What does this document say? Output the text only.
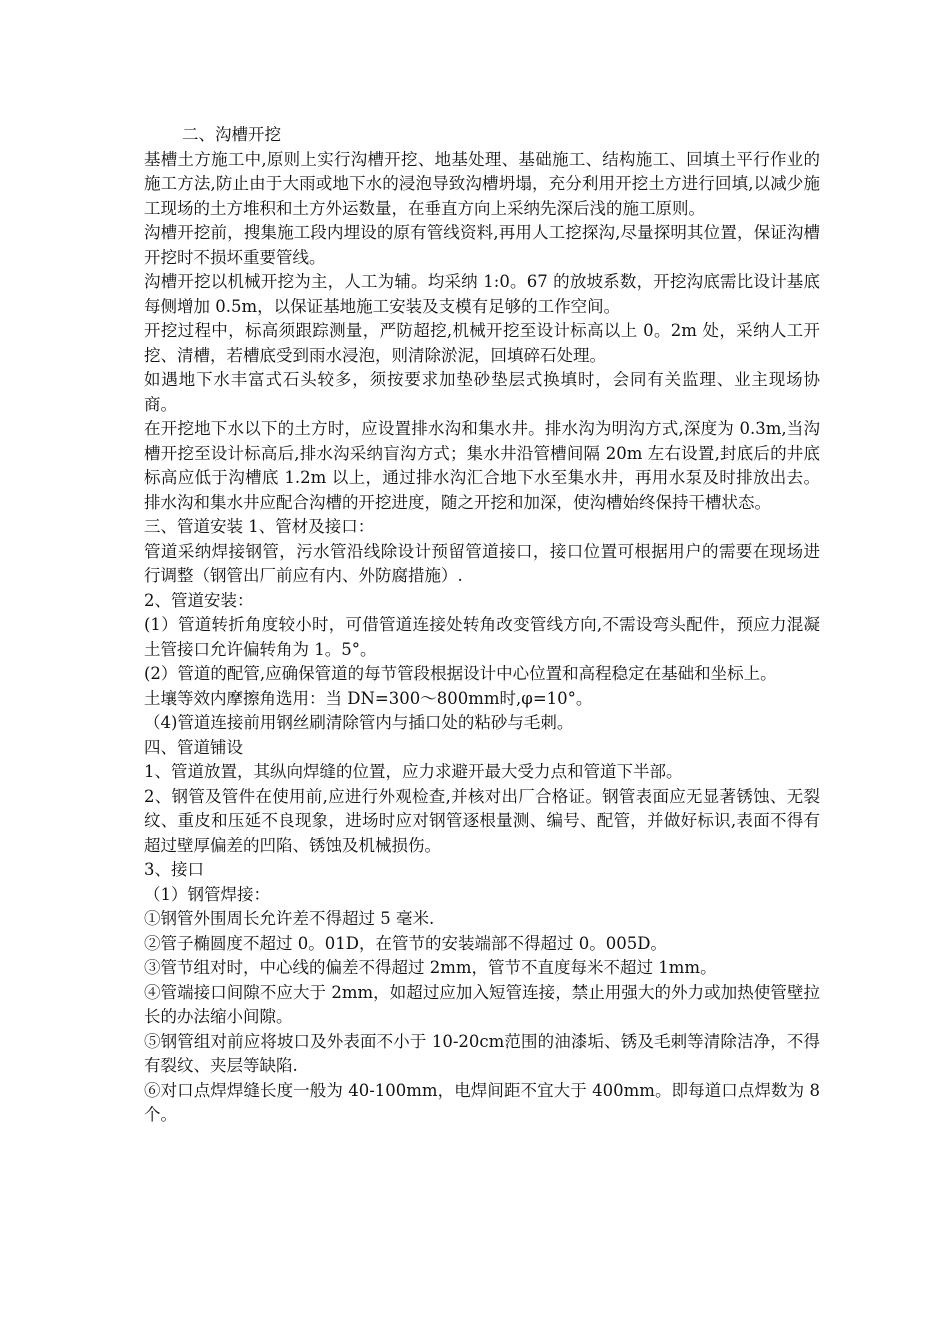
二、沟槽开挖

基槽土方施工中,原则上实行沟槽开挖、地基处理、基础施工、结构施工、回填土平行作业的施工方法,防止由于大雨或地下水的浸泡导致沟槽坍塌，充分利用开挖土方进行回填,以减少施工现场的土方堆积和土方外运数量，在垂直方向上采纳先深后浅的施工原则。

沟槽开挖前，搜集施工段内埋设的原有管线资料,再用人工挖探沟,尽量探明其位置，保证沟槽开挖时不损坏重要管线。

沟槽开挖以机械开挖为主，人工为辅。均采纳 1:0。67 的放坡系数，开挖沟底需比设计基底每侧增加 0.5m，以保证基地施工安装及支模有足够的工作空间。

开挖过程中，标高须跟踪测量，严防超挖,机械开挖至设计标高以上 0。2m 处，采纳人工开挖、清槽，若槽底受到雨水浸泡，则清除淤泥，回填碎石处理。

如遇地下水丰富式石头较多，须按要求加垫砂垫层式换填时，会同有关监理、业主现场协商。

在开挖地下水以下的土方时，应设置排水沟和集水井。排水沟为明沟方式,深度为 0.3m,当沟槽开挖至设计标高后,排水沟采纳盲沟方式；集水井沿管槽间隔 20m 左右设置,封底后的井底标高应低于沟槽底 1.2m 以上，通过排水沟汇合地下水至集水井，再用水泵及时排放出去。排水沟和集水井应配合沟槽的开挖进度，随之开挖和加深，使沟槽始终保持干槽状态。

三、管道安装 1、管材及接口：

管道采纳焊接钢管，污水管沿线除设计预留管道接口，接口位置可根据用户的需要在现场进行调整（钢管出厂前应有内、外防腐措施）.

2、管道安装：

(1）管道转折角度较小时，可借管道连接处转角改变管线方向,不需设弯头配件，预应力混凝土管接口允许偏转角为 1。5°。

(2）管道的配管,应确保管道的每节管段根据设计中心位置和高程稳定在基础和坐标上。

土壤等效内摩擦角选用：当 DN=300～800mm时,φ=10°。

（4)管道连接前用钢丝刷清除管内与插口处的粘砂与毛刺。

四、管道铺设

1、管道放置，其纵向焊缝的位置，应力求避开最大受力点和管道下半部。

2、钢管及管件在使用前,应进行外观检查,并核对出厂合格证。钢管表面应无显著锈蚀、无裂纹、重皮和压延不良现象，进场时应对钢管逐根量测、编号、配管，并做好标识,表面不得有超过壁厚偏差的凹陷、锈蚀及机械损伤。

3、接口

（1）钢管焊接：

①钢管外围周长允许差不得超过 5 毫米.

②管子椭圆度不超过 0。01D，在管节的安装端部不得超过 0。005D。

③管节组对时，中心线的偏差不得超过 2mm，管节不直度每米不超过 1mm。

④管端接口间隙不应大于 2mm，如超过应加入短管连接，禁止用强大的外力或加热使管壁拉长的办法缩小间隙。

⑤钢管组对前应将坡口及外表面不小于 10-20cm范围的油漆垢、锈及毛刺等清除洁净，不得有裂纹、夹层等缺陷.

⑥对口点焊焊缝长度一般为 40-100mm，电焊间距不宜大于 400mm。即每道口点焊数为 8 个。
